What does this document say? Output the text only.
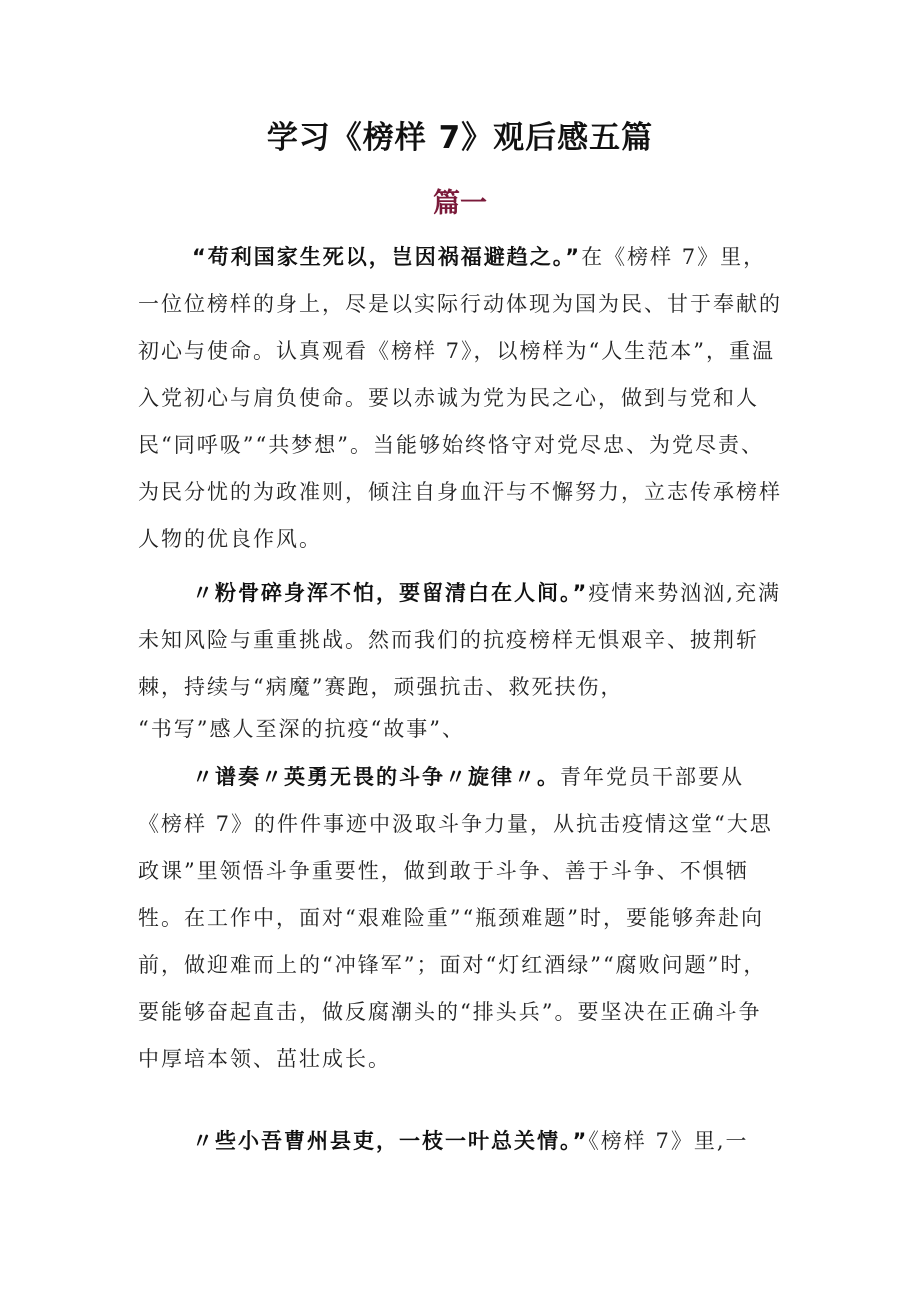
学习《榜样 7》观后感五篇
篇一

“苟利国家生死以，岂因祸福避趋之。”在《榜样 7》里，一位位榜样的身上，尽是以实际行动体现为国为民、甘于奉献的初心与使命。认真观看《榜样 7》，以榜样为“人生范本”，重温入党初心与肩负使命。要以赤诚为党为民之心，做到与党和人民“同呼吸”“共梦想”。当能够始终恪守对党尽忠、为党尽责、为民分忧的为政准则，倾注自身血汗与不懈努力，立志传承榜样人物的优良作风。

〃粉骨碎身浑不怕，要留清白在人间。”疫情来势汹汹,充满未知风险与重重挑战。然而我们的抗疫榜样无惧艰辛、披荆斩棘，持续与“病魔”赛跑，顽强抗击、救死扶伤，

“书写”感人至深的抗疫“故事”、

〃谱奏〃英勇无畏的斗争〃旋律〃。青年党员干部要从《榜样 7》的件件事迹中汲取斗争力量，从抗击疫情这堂“大思政课”里领悟斗争重要性，做到敢于斗争、善于斗争、不惧牺牲。在工作中，面对“艰难险重”“瓶颈难题”时，要能够奔赴向前，做迎难而上的“冲锋军”；面对“灯红酒绿”“腐败问题”时，要能够奋起直击，做反腐潮头的“排头兵”。要坚决在正确斗争中厚培本领、茁壮成长。

〃些小吾曹州县吏，一枝一叶总关情。”《榜样 7》里,一
